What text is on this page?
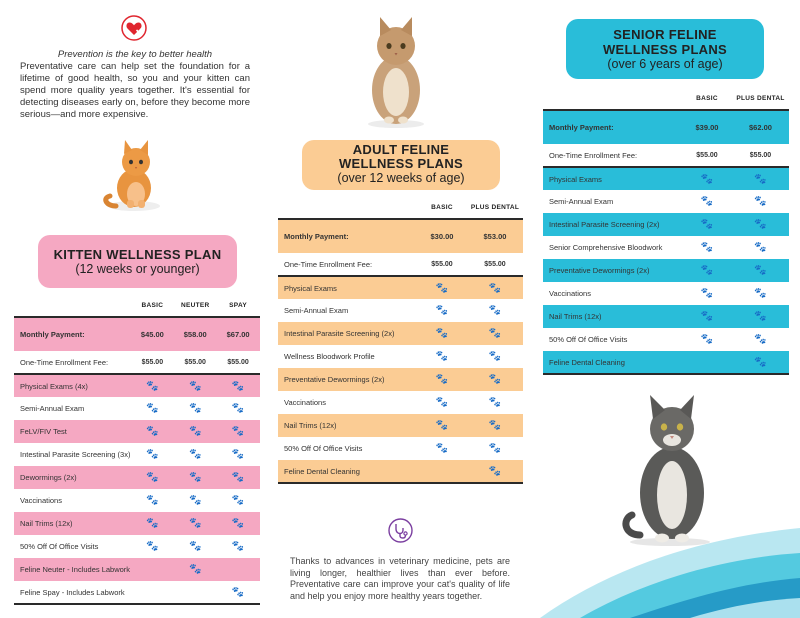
Prevention is the key to better health
Preventative care can help set the foundation for a lifetime of good health, so you and your kitten can spend more quality years together. It's essential for detecting diseases early on, before they become more serious—and more expensive.
KITTEN WELLNESS PLAN
(12 weeks or younger)
ADULT FELINE
WELLNESS PLANS
(over 12 weeks of age)
SENIOR FELINE
WELLNESS PLANS
(over 6 years of age)
	BASIC	NEUTER	SPAY
Monthly Payment:	$45.00	$58.00	$67.00
One-Time Enrollment Fee:	$55.00	$55.00	$55.00
Physical Exams (4x)	🐾	🐾	🐾
Semi-Annual Exam	🐾	🐾	🐾
FeLV/FIV Test	🐾	🐾	🐾
Intestinal Parasite Screening (3x)	🐾	🐾	🐾
Dewormings (2x)	🐾	🐾	🐾
Vaccinations	🐾	🐾	🐾
Nail Trims (12x)	🐾	🐾	🐾
50% Off Of Office Visits	🐾	🐾	🐾
Feline Neuter - Includes Labwork		🐾	
Feline Spay - Includes Labwork			🐾
	BASIC	PLUS DENTAL
Monthly Payment:	$30.00	$53.00
One-Time Enrollment Fee:	$55.00	$55.00
Physical Exams	🐾	🐾
Semi-Annual Exam	🐾	🐾
Intestinal Parasite Screening (2x)	🐾	🐾
Wellness Bloodwork Profile	🐾	🐾
Preventative Dewormings (2x)	🐾	🐾
Vaccinations	🐾	🐾
Nail Trims (12x)	🐾	🐾
50% Off Of Office Visits	🐾	🐾
Feline Dental Cleaning		🐾
	BASIC	PLUS DENTAL
Monthly Payment:	$39.00	$62.00
One-Time Enrollment Fee:	$55.00	$55.00
Physical Exams	🐾	🐾
Semi-Annual Exam	🐾	🐾
Intestinal Parasite Screening (2x)	🐾	🐾
Senior Comprehensive Bloodwork	🐾	🐾
Preventative Dewormings (2x)	🐾	🐾
Vaccinations	🐾	🐾
Nail Trims (12x)	🐾	🐾
50% Off Of Office Visits	🐾	🐾
Feline Dental Cleaning		🐾
Thanks to advances in veterinary medicine, pets are living longer, healthier lives than ever before. Preventative care can improve your cat's quality of life and help you enjoy more healthy years together.
